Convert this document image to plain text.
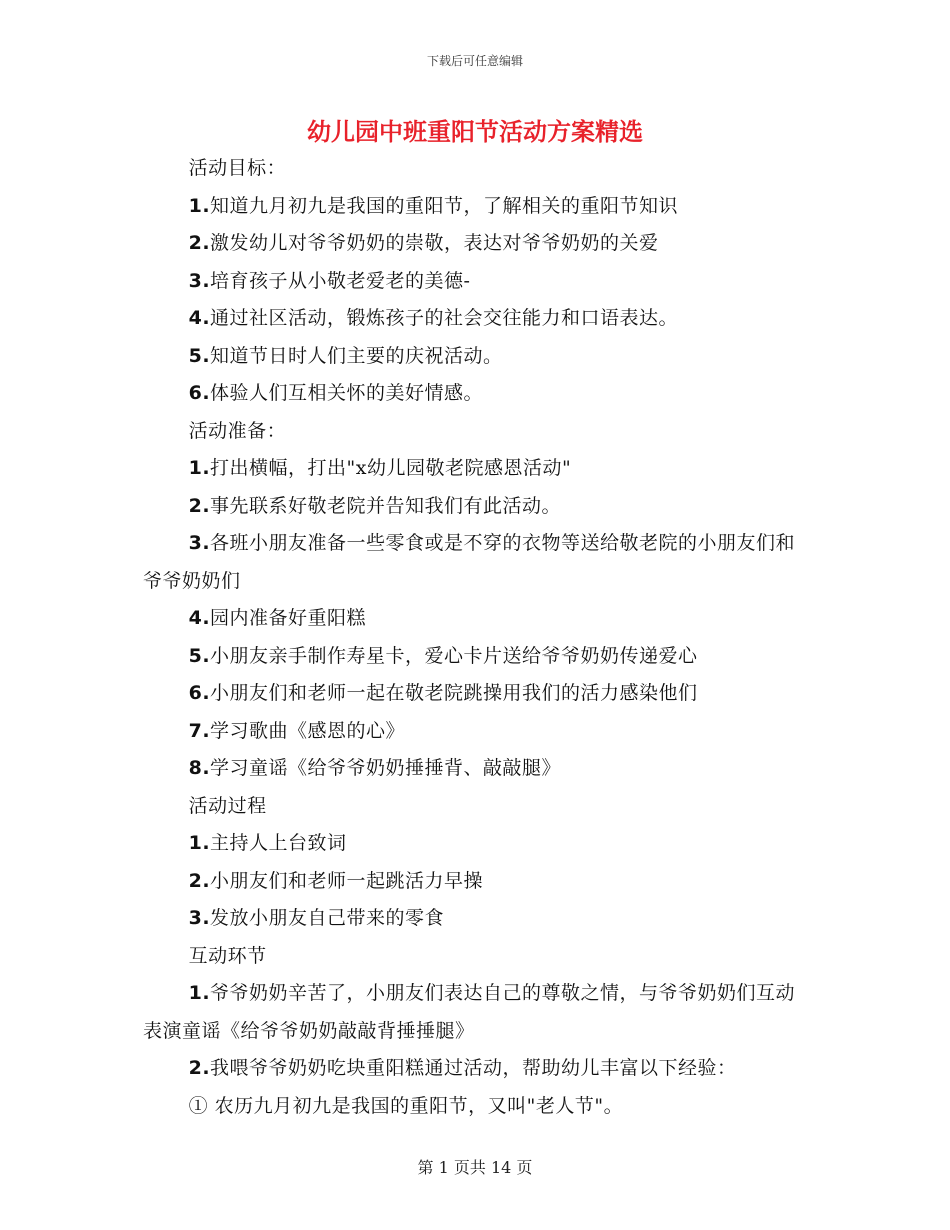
下载后可任意编辑
幼儿园中班重阳节活动方案精选

活动目标：

1.知道九月初九是我国的重阳节，了解相关的重阳节知识

2.激发幼儿对爷爷奶奶的崇敬，表达对爷爷奶奶的关爱

3.培育孩子从小敬老爱老的美德-

4.通过社区活动，锻炼孩子的社会交往能力和口语表达。

5.知道节日时人们主要的庆祝活动。

6.体验人们互相关怀的美好情感。

活动准备：

1.打出横幅，打出"x幼儿园敬老院感恩活动"

2.事先联系好敬老院并告知我们有此活动。

3.各班小朋友准备一些零食或是不穿的衣物等送给敬老院的小朋友们和爷爷奶奶们

4.园内准备好重阳糕

5.小朋友亲手制作寿星卡，爱心卡片送给爷爷奶奶传递爱心

6.小朋友们和老师一起在敬老院跳操用我们的活力感染他们

7.学习歌曲《感恩的心》

8.学习童谣《给爷爷奶奶捶捶背、敲敲腿》

活动过程

1.主持人上台致词

2.小朋友们和老师一起跳活力早操

3.发放小朋友自己带来的零食

互动环节

1.爷爷奶奶辛苦了，小朋友们表达自己的尊敬之情，与爷爷奶奶们互动表演童谣《给爷爷奶奶敲敲背捶捶腿》

2.我喂爷爷奶奶吃块重阳糕通过活动，帮助幼儿丰富以下经验：

① 农历九月初九是我国的重阳节，又叫"老人节"。

第 1 页共 14 页
